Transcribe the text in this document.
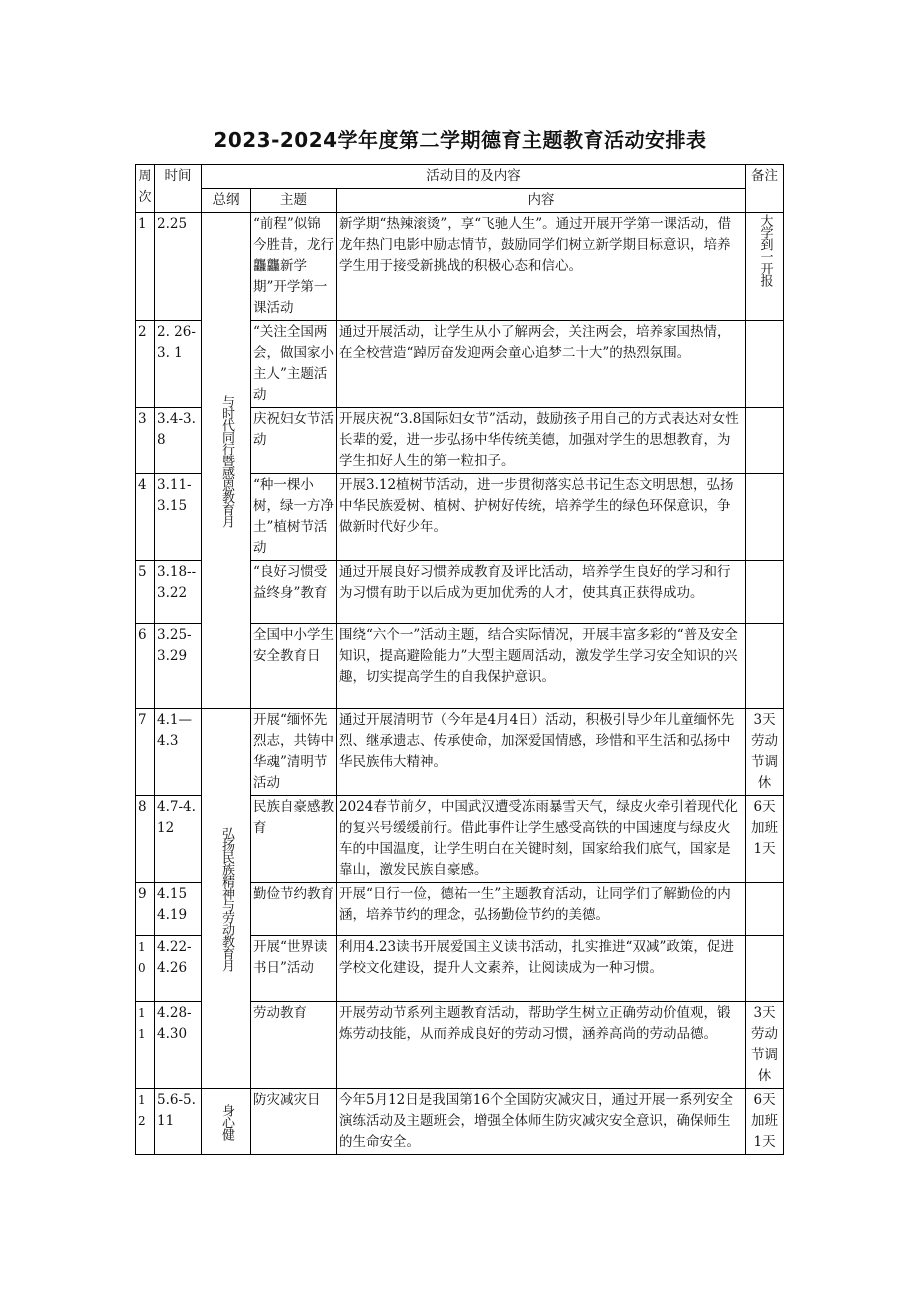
2023-2024学年度第二学期德育主题教育活动安排表
周次	时间	活动目的及内容			备注
		总纲	主题	内容	
1	2.25	与时代同行暨感恩教育月	“前程”似锦今胜昔，龙行龘龘新学期”开学第一课活动	新学期“热辣滚烫”，享“飞驰人生”。通过开展开学第一课活动，借龙年热门电影中励志情节，鼓励同学们树立新学期目标意识，培养学生用于接受新挑战的积极心态和信心。	大学到一开报

2	2. 26-3. 1		“关注全国两会，做国家小主人”主题活动	通过开展活动，让学生从小了解两会，关注两会，培养家国热情，在全校营造“踔厉奋发迎两会童心追梦二十大”的热烈氛围。	
3	3.4-3.8		庆祝妇女节活动	开展庆祝“3.8国际妇女节”活动，鼓励孩子用自己的方式表达对女性长辈的爱，进一步弘扬中华传统美德，加强对学生的思想教育，为学生扣好人生的第一粒扣子。	
4	3.11-3.15		“种一棵小树，绿一方净土”植树节活动	开展3.12植树节活动，进一步贯彻落实总书记生态文明思想，弘扬中华民族爱树、植树、护树好传统，培养学生的绿色环保意识，争做新时代好少年。	
5	3.18--3.22		“良好习惯受益终身”教育	通过开展良好习惯养成教育及评比活动，培养学生良好的学习和行为习惯有助于以后成为更加优秀的人才，使其真正获得成功。	
6	3.25-3.29		全国中小学生安全教育日	围绕“六个一”活动主题，结合实际情况，开展丰富多彩的“普及安全知识，提高避险能力”大型主题周活动，激发学生学习安全知识的兴趣，切实提高学生的自我保护意识。	
7	4.1—4.3	弘扬民族精神与劳动教育月	开展“缅怀先烈志，共铸中华魂”清明节活动	通过开展清明节（今年是4月4日）活动，积极引导少年儿童缅怀先烈、继承遗志、传承使命，加深爱国情感，珍惜和平生活和弘扬中华民族伟大精神。	3天劳动节调休
8	4.7-4.12		民族自豪感教育	2024春节前夕，中国武汉遭受冻雨暴雪天气，绿皮火牵引着现代化的复兴号缓缓前行。借此事件让学生感受高铁的中国速度与绿皮火车的中国温度，让学生明白在关键时刻，国家给我们底气，国家是靠山，激发民族自豪感。	6天加班1天
9	4.15 4.19		勤俭节约教育	开展“日行一俭，德祐一生”主题教育活动，让同学们了解勤俭的内涵，培养节约的理念，弘扬勤俭节约的美德。	
10	4.22-4.26		开展“世界读书日”活动	利用4.23读书开展爱国主义读书活动，扎实推进“双减”政策，促进学校文化建设，提升人文素养，让阅读成为一种习惯。	
11	4.28-4.30		劳动教育	开展劳动节系列主题教育活动，帮助学生树立正确劳动价值观，锻炼劳动技能，从而养成良好的劳动习惯，涵养高尚的劳动品德。	3天劳动节调休
12	5.6-5.11	身心健	防灾减灾日	今年5月12日是我国第16个全国防灾减灾日，通过开展一系列安全演练活动及主题班会，增强全体师生防灾减灾安全意识，确保师生的生命安全。	6天加班1天
